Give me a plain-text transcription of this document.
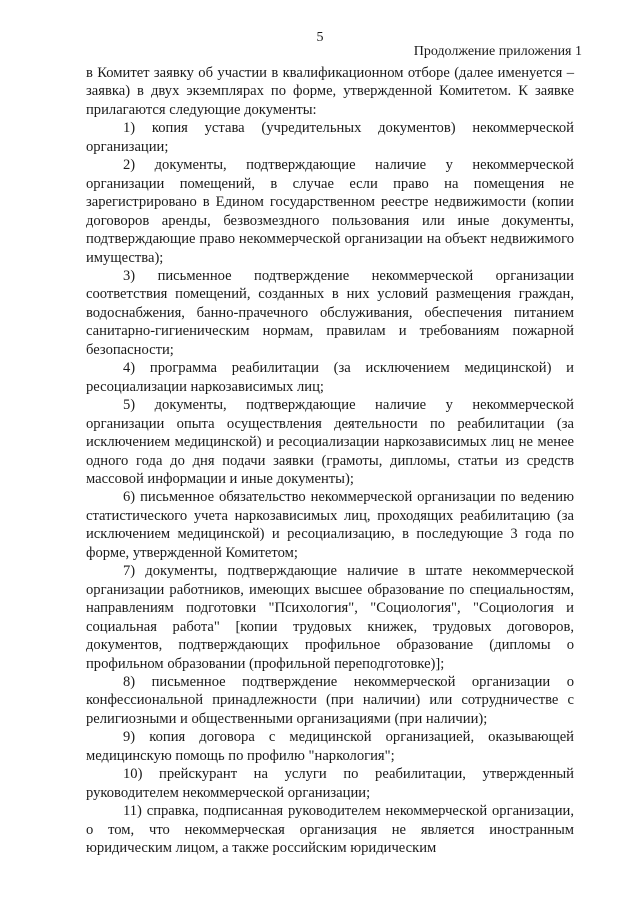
5
Продолжение приложения 1

в Комитет заявку об участии в квалификационном отборе (далее именуется – заявка) в двух экземплярах по форме, утвержденной Комитетом. К заявке прилагаются следующие документы:

1) копия устава (учредительных документов) некоммерческой организации;

2) документы, подтверждающие наличие у некоммерческой организации помещений, в случае если право на помещения не зарегистрировано в Едином государственном реестре недвижимости (копии договоров аренды, безвозмездного пользования или иные документы, подтверждающие право некоммерческой организации на объект недвижимого имущества);

3) письменное подтверждение некоммерческой организации соответствия помещений, созданных в них условий размещения граждан, водоснабжения, банно-прачечного обслуживания, обеспечения питанием санитарно-гигиеническим нормам, правилам и требованиям пожарной безопасности;

4) программа реабилитации (за исключением медицинской) и ресоциализации наркозависимых лиц;

5) документы, подтверждающие наличие у некоммерческой организации опыта осуществления деятельности по реабилитации (за исключением медицинской) и ресоциализации наркозависимых лиц не менее одного года до дня подачи заявки (грамоты, дипломы, статьи из средств массовой информации и иные документы);

6) письменное обязательство некоммерческой организации по ведению статистического учета наркозависимых лиц, проходящих реабилитацию (за исключением медицинской) и ресоциализацию, в последующие 3 года по форме, утвержденной Комитетом;

7) документы, подтверждающие наличие в штате некоммерческой организации работников, имеющих высшее образование по специальностям, направлениям подготовки "Психология", "Социология", "Социология и социальная работа" [копии трудовых книжек, трудовых договоров, документов, подтверждающих профильное образование (дипломы о профильном образовании (профильной переподготовке)];

8) письменное подтверждение некоммерческой организации о конфессиональной принадлежности (при наличии) или сотрудничестве с религиозными и общественными организациями (при наличии);

9) копия договора с медицинской организацией, оказывающей медицинскую помощь по профилю "наркология";

10) прейскурант на услуги по реабилитации, утвержденный руководителем некоммерческой организации;

11) справка, подписанная руководителем некоммерческой организации, о том, что некоммерческая организация не является иностранным юридическим лицом, а также российским юридическим
